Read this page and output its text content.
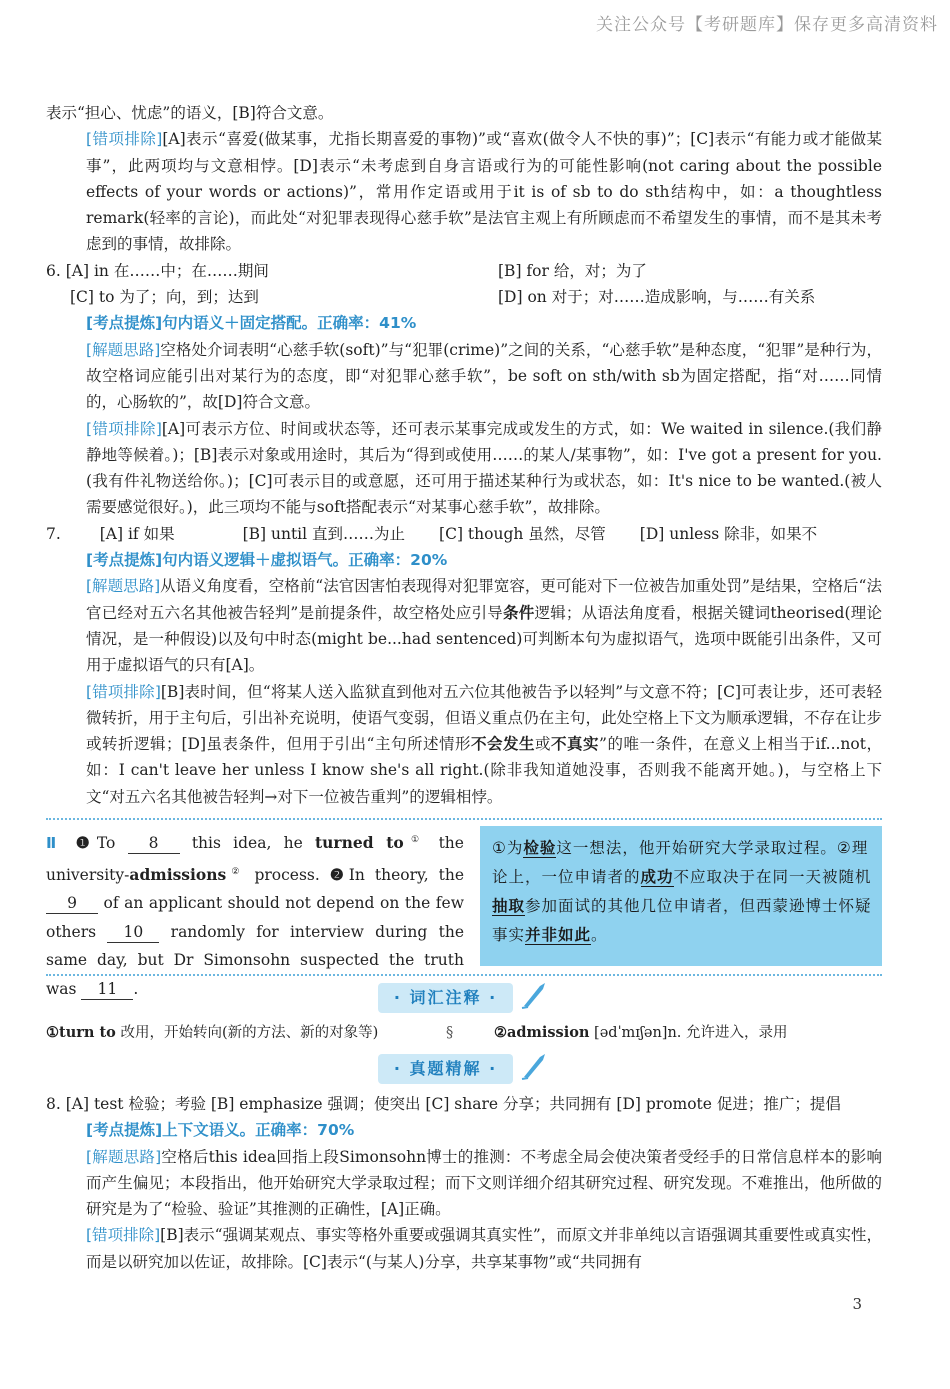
关注公众号【考研题库】保存更多高清资料

表示“担心、忧虑”的语义，[B]符合文意。

[错项排除][A]表示“喜爱(做某事，尤指长期喜爱的事物)”或“喜欢(做令人不快的事)”；[C]表示“有能力或才能做某事”，此两项均与文意相悖。[D]表示“未考虑到自身言语或行为的可能性影响(not caring about the possible effects of your words or actions)”，常用作定语或用于it is of sb to do sth结构中，如：a thoughtless remark(轻率的言论)，而此处“对犯罪表现得心慈手软”是法官主观上有所顾虑而不希望发生的事情，而不是其未考虑到的事情，故排除。

6. [A] in 在……中；在……期间	[B] for 给，对；为了
[C] to 为了；向，到；达到	[D] on 对于；对……造成影响，与……有关系

[考点提炼]句内语义＋固定搭配。正确率：41%

[解题思路]空格处介词表明“心慈手软(soft)”与“犯罪(crime)”之间的关系，“心慈手软”是种态度，“犯罪”是种行为，故空格词应能引出对某行为的态度，即“对犯罪心慈手软”，be soft on sth/with sb为固定搭配，指“对……同情的，心肠软的”，故[D]符合文意。

[错项排除][A]可表示方位、时间或状态等，还可表示某事完成或发生的方式，如：We waited in silence.(我们静静地等候着。)；[B]表示对象或用途时，其后为“得到或使用……的某人/某事物”，如：I've got a present for you.(我有件礼物送给你。)；[C]可表示目的或意愿，还可用于描述某种行为或状态，如：It's nice to be wanted.(被人需要感觉很好。)，此三项均不能与soft搭配表示“对某事心慈手软”，故排除。

7.	[A] if 如果	[B] until 直到……为止 [C] though 虽然，尽管 [D] unless 除非，如果不

[考点提炼]句内语义逻辑＋虚拟语气。正确率：20%

[解题思路]从语义角度看，空格前“法官因害怕表现得对犯罪宽容，更可能对下一位被告加重处罚”是结果，空格后“法官已经对五六名其他被告轻判”是前提条件，故空格处应引导条件逻辑；从语法角度看，根据关键词theorised(理论情况，是一种假设)以及句中时态(might be...had sentenced)可判断本句为虚拟语气，选项中既能引出条件，又可用于虚拟语气的只有[A]。

[错项排除][B]表时间，但“将某人送入监狱直到他对五六位其他被告予以轻判”与文意不符；[C]可表让步，还可表轻微转折，用于主句后，引出补充说明，使语气变弱，但语义重点仍在主句，此处空格上下文为顺承逻辑，不存在让步或转折逻辑；[D]虽表条件，但用于引出“主句所述情形不会发生或不真实”的唯一条件，在意义上相当于if...not，如：I can't leave her unless I know she's all right.(除非我知道她没事，否则我不能离开她。)，与空格上下文“对五六名其他被告轻判→对下一位被告重判”的逻辑相悖。

Ⅱ ❶To 8 this idea, he turned to① the university-admissions② process. ❷In theory, the 9 of an applicant should not depend on the few others 10 randomly for interview during the same day, but Dr Simonsohn suspected the truth was 11 .
①为检验这一想法，他开始研究大学录取过程。②理论上，一位申请者的成功不应取决于在同一天被随机抽取参加面试的其他几位申请者，但西蒙逊博士怀疑事实并非如此。
· 词汇注释 ·
①turn to 改用，开始转向(新的方法、新的对象等)	§	②admission [ədˈmɪʃən]n. 允许进入，录用
· 真题精解 ·

8. [A] test 检验；考验 [B] emphasize 强调；使突出 [C] share 分享；共同拥有 [D] promote 促进；推广；提倡

[考点提炼]上下文语义。正确率：70%

[解题思路]空格后this idea回指上段Simonsohn博士的推测：不考虑全局会使决策者受经手的日常信息样本的影响而产生偏见；本段指出，他开始研究大学录取过程；而下文则详细介绍其研究过程、研究发现。不难推出，他所做的研究是为了“检验、验证”其推测的正确性，[A]正确。

[错项排除][B]表示“强调某观点、事实等格外重要或强调其真实性”，而原文并非单纯以言语强调其重要性或真实性，而是以研究加以佐证，故排除。[C]表示“(与某人)分享，共享某事物”或“共同拥有

3
